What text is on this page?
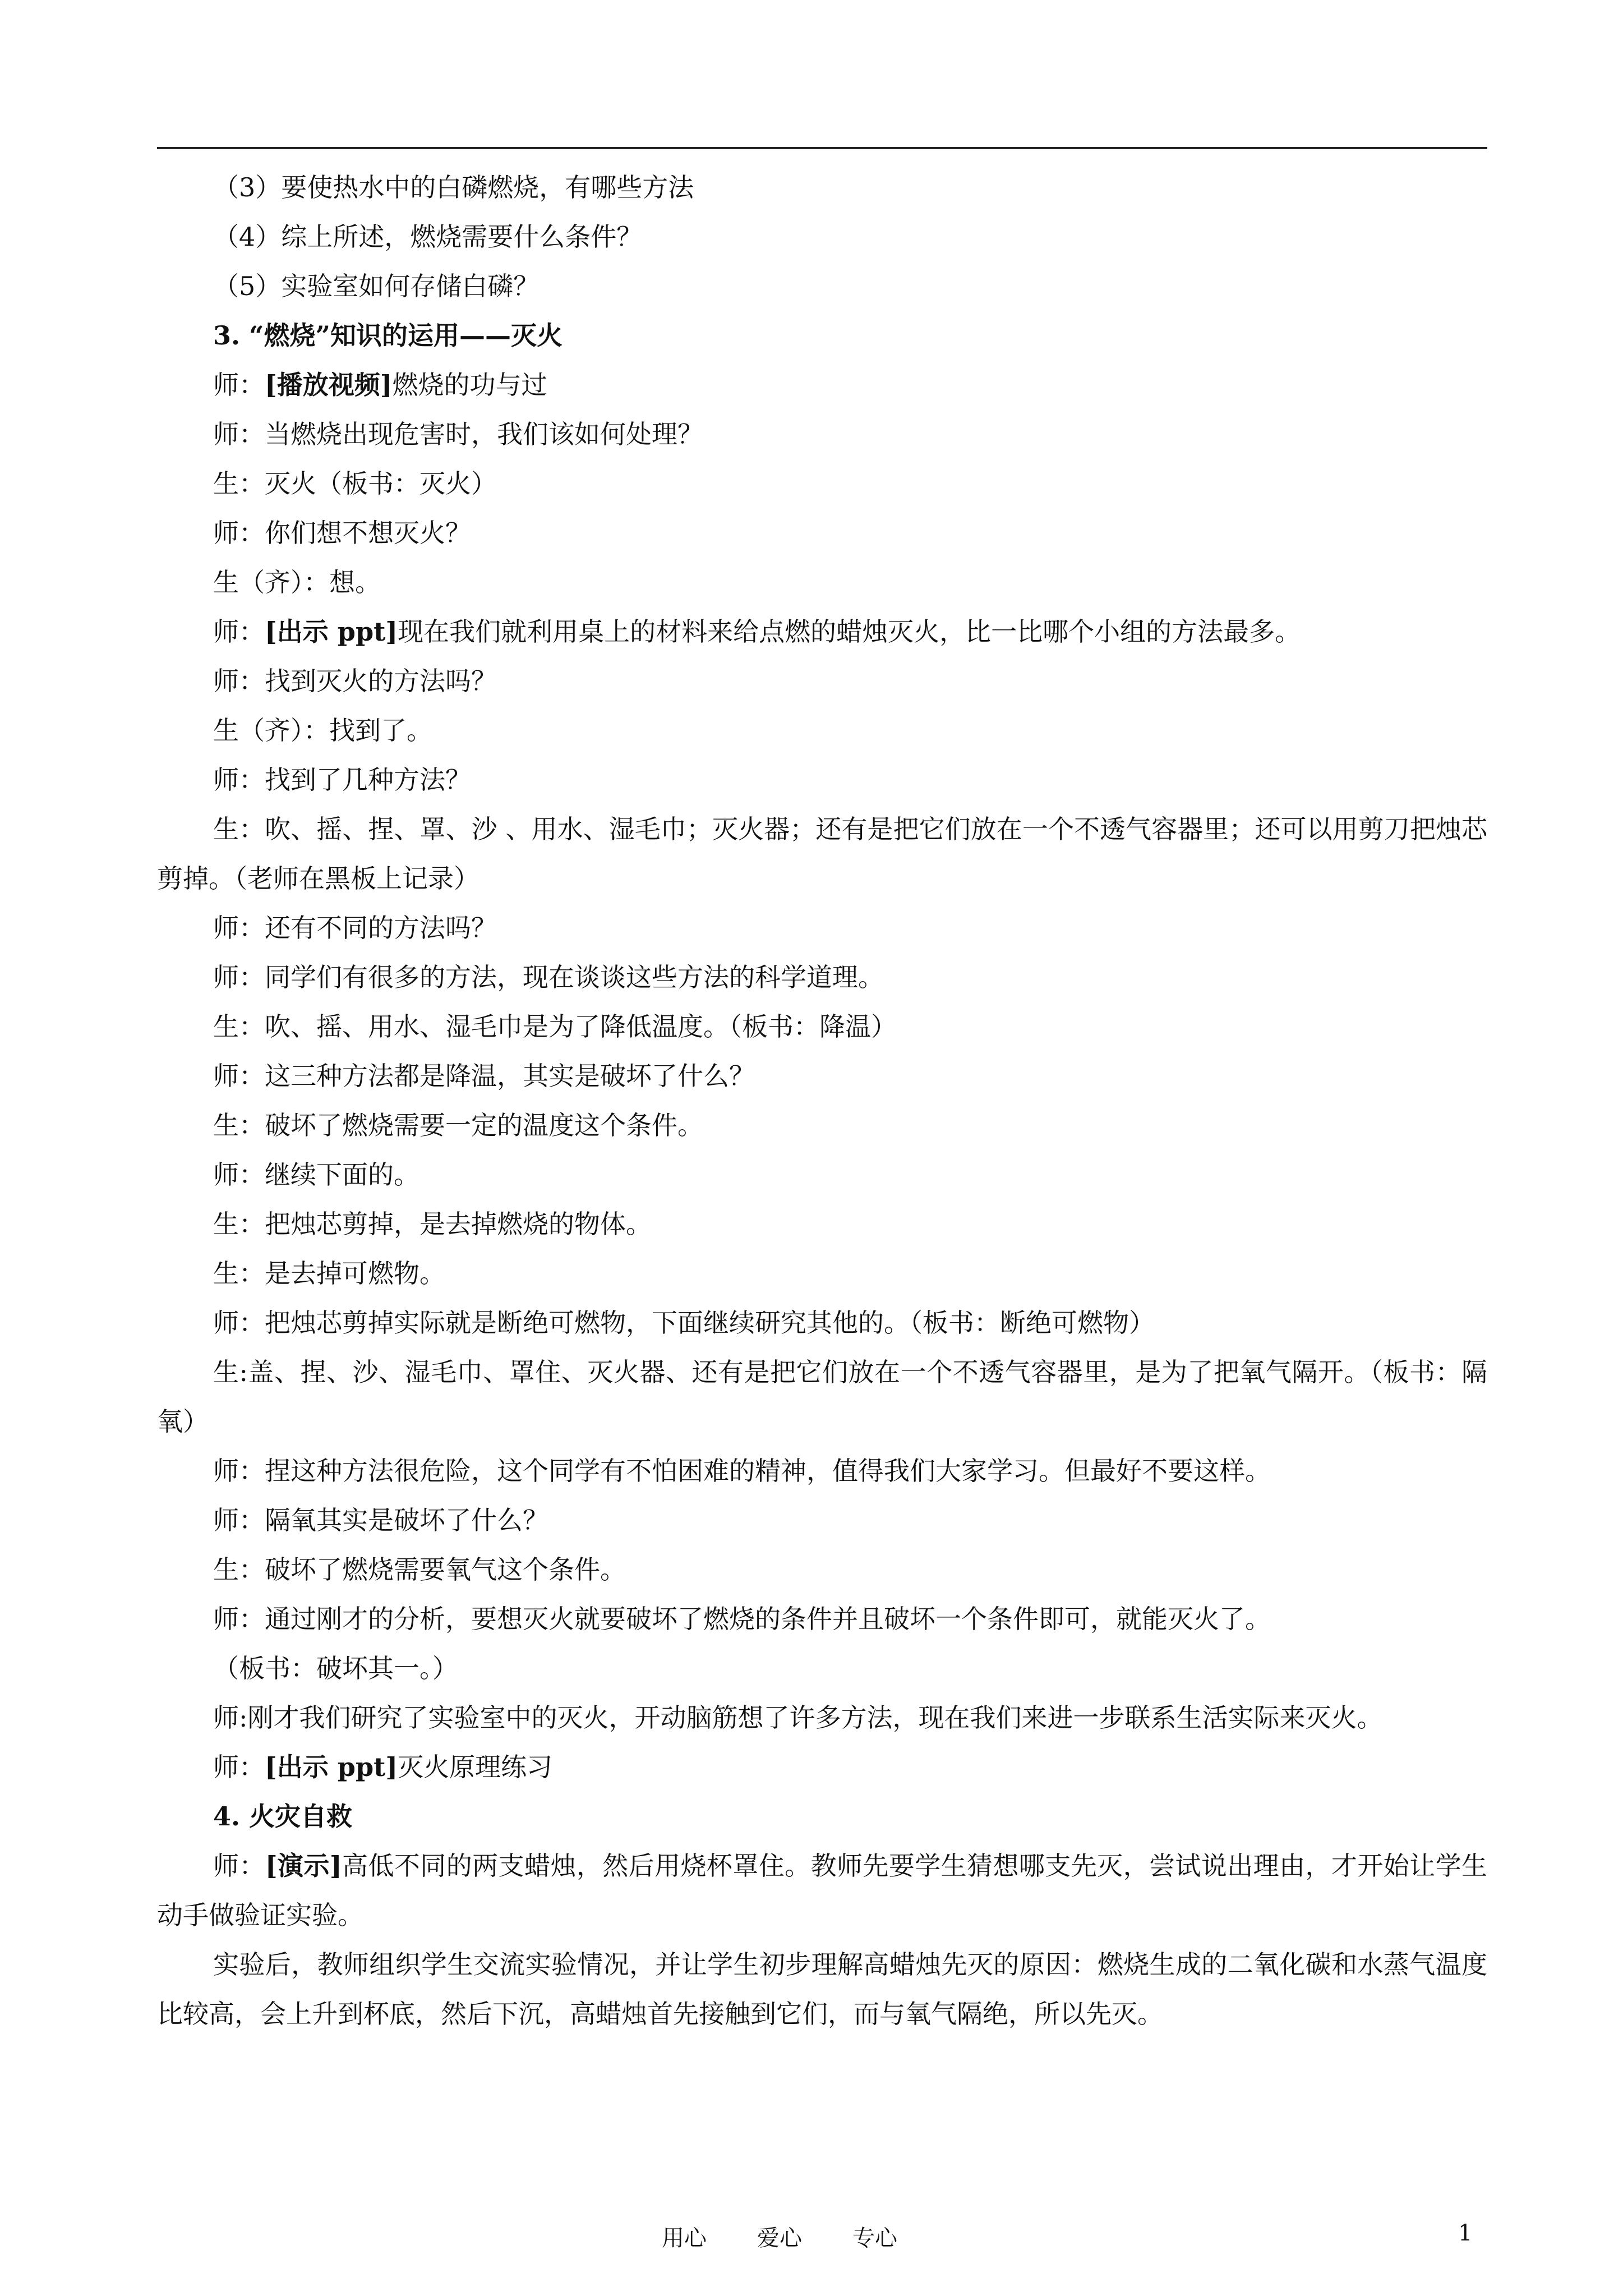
（3）要使热水中的白磷燃烧，有哪些方法

（4）综上所述，燃烧需要什么条件？

（5）实验室如何存储白磷？

3. “燃烧”知识的运用——灭火

师：[播放视频]燃烧的功与过

师：当燃烧出现危害时，我们该如何处理？

生：灭火（板书：灭火）

师：你们想不想灭火？

生（齐）：想。

师：[出示 ppt]现在我们就利用桌上的材料来给点燃的蜡烛灭火，比一比哪个小组的方法最多。

师：找到灭火的方法吗？

生（齐）：找到了。

师：找到了几种方法？

生：吹、摇、捏、罩、沙 、用水、湿毛巾；灭火器；还有是把它们放在一个不透气容器里；还可以用剪刀把烛芯剪掉。（老师在黑板上记录）

师：还有不同的方法吗？

师：同学们有很多的方法，现在谈谈这些方法的科学道理。

生：吹、摇、用水、湿毛巾是为了降低温度。（板书：降温）

师：这三种方法都是降温，其实是破坏了什么？

生：破坏了燃烧需要一定的温度这个条件。

师：继续下面的。

生：把烛芯剪掉，是去掉燃烧的物体。

生：是去掉可燃物。

师：把烛芯剪掉实际就是断绝可燃物，下面继续研究其他的。（板书：断绝可燃物）

生:盖、捏、沙、湿毛巾、罩住、灭火器、还有是把它们放在一个不透气容器里，是为了把氧气隔开。（板书：隔氧）

师：捏这种方法很危险，这个同学有不怕困难的精神，值得我们大家学习。但最好不要这样。

师：隔氧其实是破坏了什么？

生：破坏了燃烧需要氧气这个条件。

师：通过刚才的分析，要想灭火就要破坏了燃烧的条件并且破坏一个条件即可，就能灭火了。

（板书：破坏其一。）

师:刚才我们研究了实验室中的灭火，开动脑筋想了许多方法，现在我们来进一步联系生活实际来灭火。

师：[出示 ppt]灭火原理练习

4. 火灾自救

师：[演示]高低不同的两支蜡烛，然后用烧杯罩住。教师先要学生猜想哪支先灭，尝试说出理由，才开始让学生动手做验证实验。

实验后，教师组织学生交流实验情况，并让学生初步理解高蜡烛先灭的原因：燃烧生成的二氧化碳和水蒸气温度比较高，会上升到杯底，然后下沉，高蜡烛首先接触到它们，而与氧气隔绝，所以先灭。

用心 爱心 专心	1
